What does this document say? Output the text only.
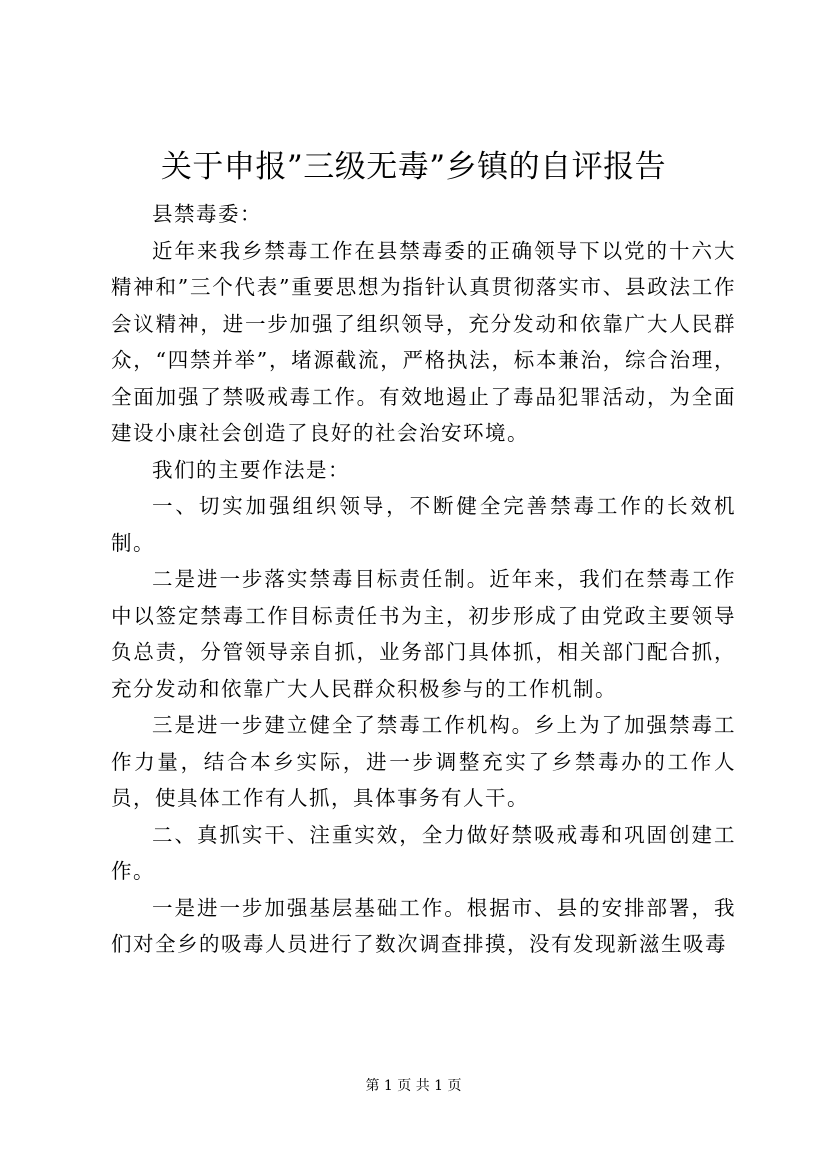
关于申报”三级无毒”乡镇的自评报告

县禁毒委：

近年来我乡禁毒工作在县禁毒委的正确领导下以党的十六大精神和”三个代表”重要思想为指针认真贯彻落实市、县政法工作会议精神，进一步加强了组织领导，充分发动和依靠广大人民群众，“四禁并举”，堵源截流，严格执法，标本兼治，综合治理，全面加强了禁吸戒毒工作。有效地遏止了毒品犯罪活动，为全面建设小康社会创造了良好的社会治安环境。

我们的主要作法是：

一、切实加强组织领导，不断健全完善禁毒工作的长效机制。

二是进一步落实禁毒目标责任制。近年来，我们在禁毒工作中以签定禁毒工作目标责任书为主，初步形成了由党政主要领导负总责，分管领导亲自抓，业务部门具体抓，相关部门配合抓，充分发动和依靠广大人民群众积极参与的工作机制。

三是进一步建立健全了禁毒工作机构。乡上为了加强禁毒工作力量，结合本乡实际，进一步调整充实了乡禁毒办的工作人员，使具体工作有人抓，具体事务有人干。

二、真抓实干、注重实效，全力做好禁吸戒毒和巩固创建工作。

一是进一步加强基层基础工作。根据市、县的安排部署，我们对全乡的吸毒人员进行了数次调查排摸，没有发现新滋生吸毒

第 1 页 共 1 页
